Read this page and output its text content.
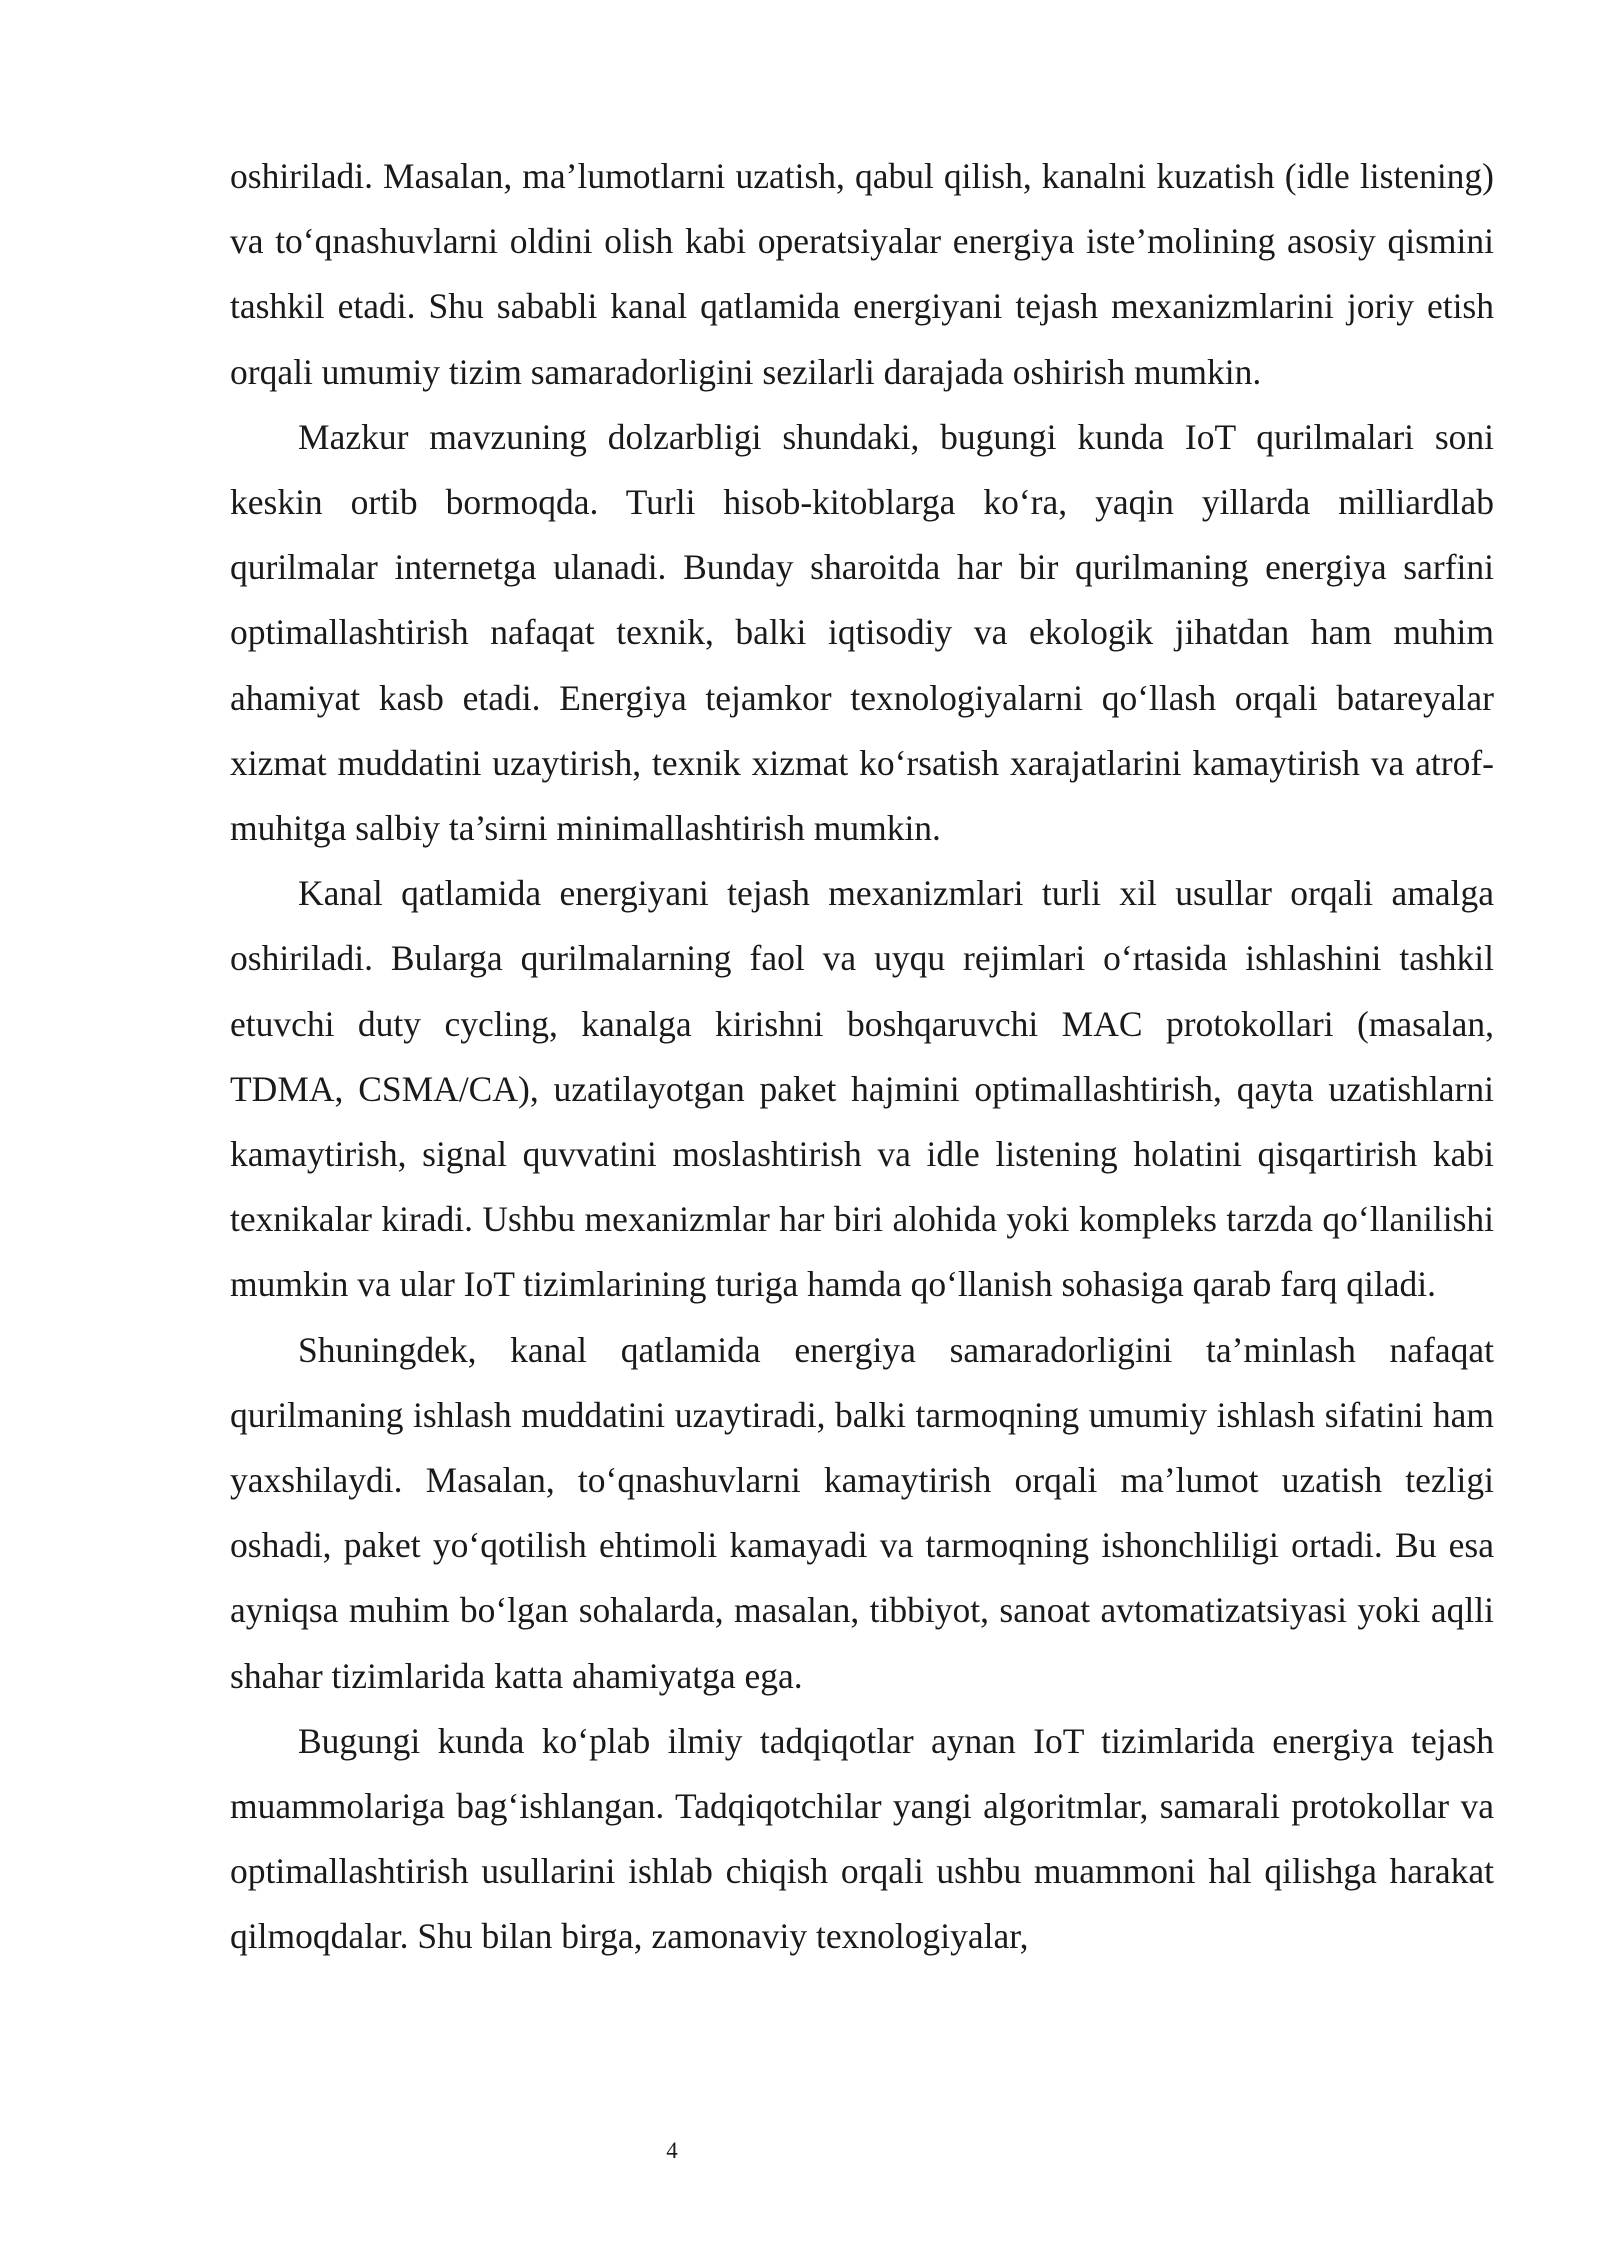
oshiriladi. Masalan, ma’lumotlarni uzatish, qabul qilish, kanalni kuzatish (idle listening) va to‘qnashuvlarni oldini olish kabi operatsiyalar energiya iste’molining asosiy qismini tashkil etadi. Shu sababli kanal qatlamida energiyani tejash mexanizmlarini joriy etish orqali umumiy tizim samaradorligini sezilarli darajada oshirish mumkin.

Mazkur mavzuning dolzarbligi shundaki, bugungi kunda IoT qurilmalari soni keskin ortib bormoqda. Turli hisob-kitoblarga ko‘ra, yaqin yillarda milliardlab qurilmalar internetga ulanadi. Bunday sharoitda har bir qurilmaning energiya sarfini optimallashtirish nafaqat texnik, balki iqtisodiy va ekologik jihatdan ham muhim ahamiyat kasb etadi. Energiya tejamkor texnologiyalarni qo‘llash orqali batareyalar xizmat muddatini uzaytirish, texnik xizmat ko‘rsatish xarajatlarini kamaytirish va atrof-muhitga salbiy ta’sirni minimallashtirish mumkin.

Kanal qatlamida energiyani tejash mexanizmlari turli xil usullar orqali amalga oshiriladi. Bularga qurilmalarning faol va uyqu rejimlari o‘rtasida ishlashini tashkil etuvchi duty cycling, kanalga kirishni boshqaruvchi MAC protokollari (masalan, TDMA, CSMA/CA), uzatilayotgan paket hajmini optimallashtirish, qayta uzatishlarni kamaytirish, signal quvvatini moslashtirish va idle listening holatini qisqartirish kabi texnikalar kiradi. Ushbu mexanizmlar har biri alohida yoki kompleks tarzda qo‘llanilishi mumkin va ular IoT tizimlarining turiga hamda qo‘llanish sohasiga qarab farq qiladi.

Shuningdek, kanal qatlamida energiya samaradorligini ta’minlash nafaqat qurilmaning ishlash muddatini uzaytiradi, balki tarmoqning umumiy ishlash sifatini ham yaxshilaydi. Masalan, to‘qnashuvlarni kamaytirish orqali ma’lumot uzatish tezligi oshadi, paket yo‘qotilish ehtimoli kamayadi va tarmoqning ishonchliligi ortadi. Bu esa ayniqsa muhim bo‘lgan sohalarda, masalan, tibbiyot, sanoat avtomatizatsiyasi yoki aqlli shahar tizimlarida katta ahamiyatga ega.

Bugungi kunda ko‘plab ilmiy tadqiqotlar aynan IoT tizimlarida energiya tejash muammolariga bag‘ishlangan. Tadqiqotchilar yangi algoritmlar, samarali protokollar va optimallashtirish usullarini ishlab chiqish orqali ushbu muammoni hal qilishga harakat qilmoqdalar. Shu bilan birga, zamonaviy texnologiyalar,

4
